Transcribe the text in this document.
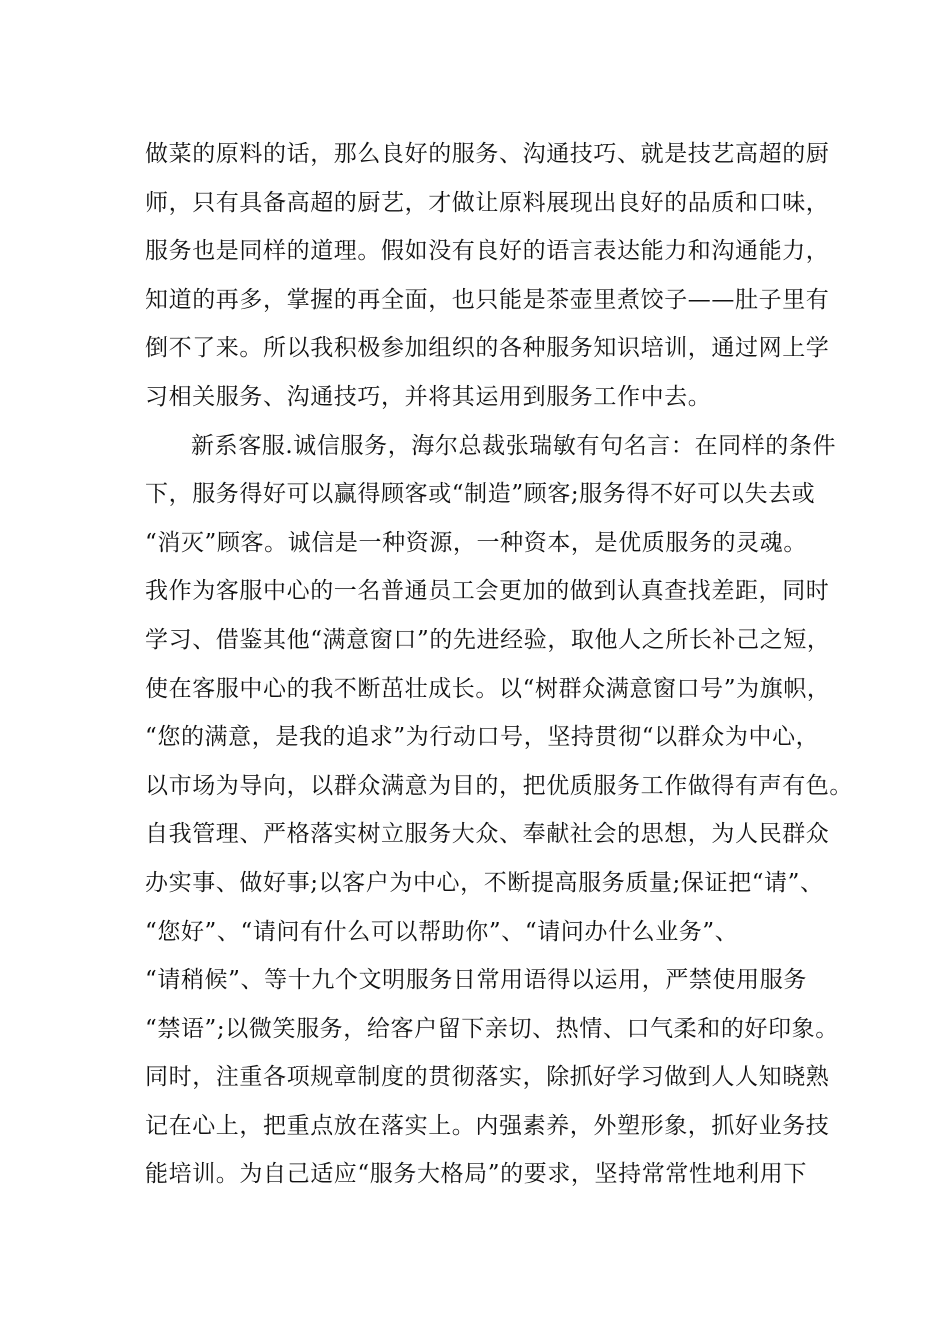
做菜的原料的话，那么良好的服务、沟通技巧、就是技艺高超的厨
师，只有具备高超的厨艺，才做让原料展现出良好的品质和口味，
服务也是同样的道理。假如没有良好的语言表达能力和沟通能力，
知道的再多，掌握的再全面，也只能是茶壶里煮饺子——肚子里有
倒不了来。所以我积极参加组织的各种服务知识培训，通过网上学
习相关服务、沟通技巧，并将其运用到服务工作中去。
新系客服.诚信服务，海尔总裁张瑞敏有句名言：在同样的条件
下，服务得好可以赢得顾客或“制造”顾客;服务得不好可以失去或
“消灭”顾客。诚信是一种资源，一种资本，是优质服务的灵魂。
我作为客服中心的一名普通员工会更加的做到认真查找差距，同时
学习、借鉴其他“满意窗口”的先进经验，取他人之所长补己之短，
使在客服中心的我不断茁壮成长。以“树群众满意窗口号”为旗帜，
“您的满意，是我的追求”为行动口号，坚持贯彻“以群众为中心，
以市场为导向，以群众满意为目的，把优质服务工作做得有声有色。
自我管理、严格落实树立服务大众、奉献社会的思想，为人民群众
办实事、做好事;以客户为中心，不断提高服务质量;保证把“请”、
“您好”、“请问有什么可以帮助你”、“请问办什么业务”、
“请稍候”、等十九个文明服务日常用语得以运用，严禁使用服务
“禁语”;以微笑服务，给客户留下亲切、热情、口气柔和的好印象。
同时，注重各项规章制度的贯彻落实，除抓好学习做到人人知晓熟
记在心上，把重点放在落实上。内强素养，外塑形象，抓好业务技
能培训。为自己适应“服务大格局”的要求，坚持常常性地利用下
